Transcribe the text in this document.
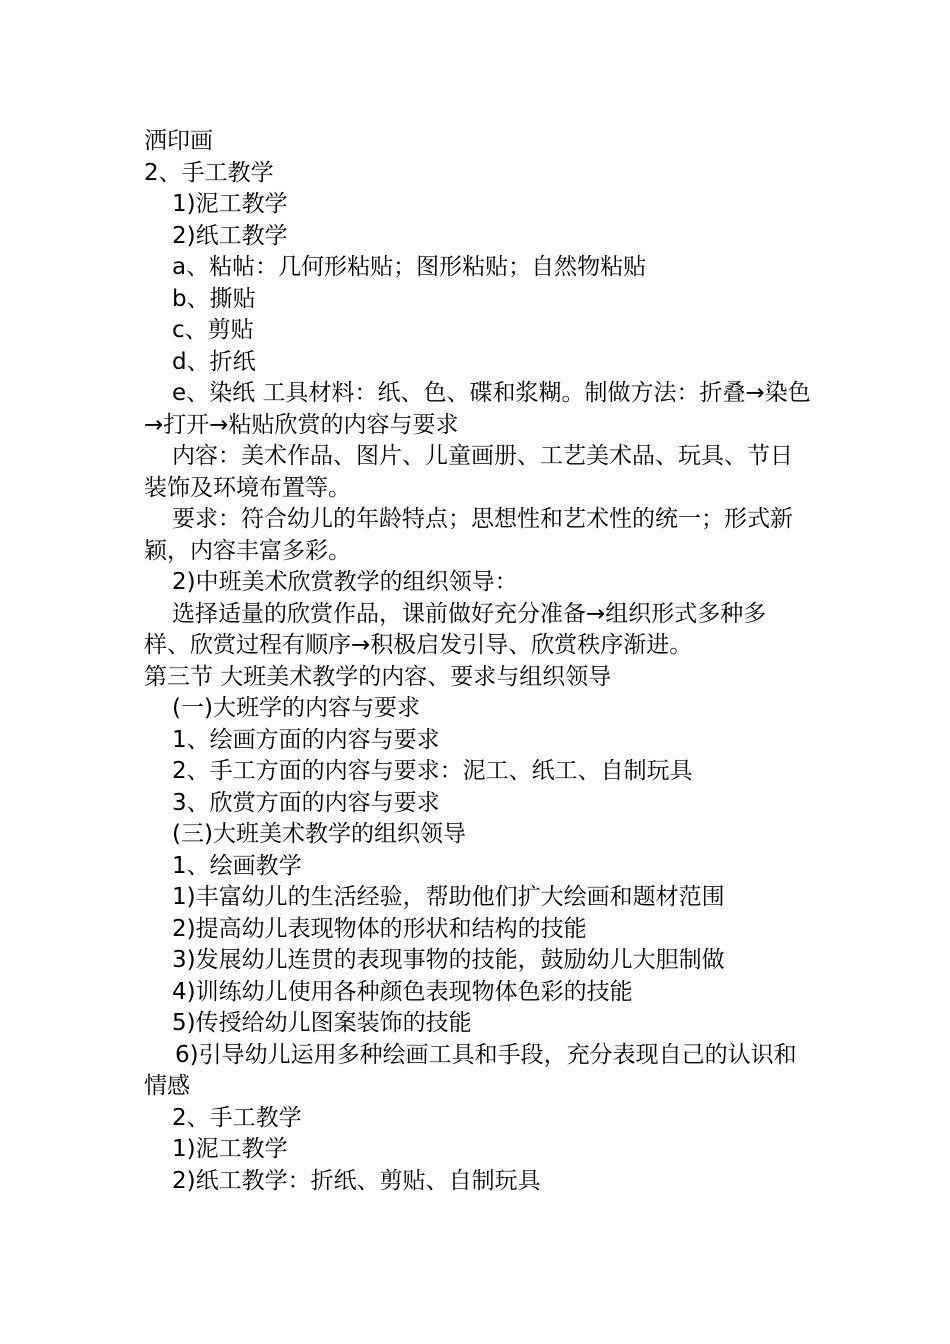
洒印画

2、手工教学

1)泥工教学

2)纸工教学

a、粘帖：几何形粘贴；图形粘贴；自然物粘贴

b、撕贴

c、剪贴

d、折纸

e、染纸 工具材料：纸、色、碟和浆糊。制做方法：折叠→染色→打开→粘贴欣赏的内容与要求

内容：美术作品、图片、儿童画册、工艺美术品、玩具、节日装饰及环境布置等。

要求：符合幼儿的年龄特点；思想性和艺术性的统一；形式新颖，内容丰富多彩。

2)中班美术欣赏教学的组织领导：

选择适量的欣赏作品，课前做好充分准备→组织形式多种多样、欣赏过程有顺序→积极启发引导、欣赏秩序渐进。

第三节 大班美术教学的内容、要求与组织领导

(一)大班学的内容与要求

1、绘画方面的内容与要求

2、手工方面的内容与要求：泥工、纸工、自制玩具

3、欣赏方面的内容与要求

(三)大班美术教学的组织领导

1、绘画教学

1)丰富幼儿的生活经验，帮助他们扩大绘画和题材范围

2)提高幼儿表现物体的形状和结构的技能

3)发展幼儿连贯的表现事物的技能，鼓励幼儿大胆制做

4)训练幼儿使用各种颜色表现物体色彩的技能

5)传授给幼儿图案装饰的技能

6)引导幼儿运用多种绘画工具和手段，充分表现自己的认识和情感

2、手工教学

1)泥工教学

2)纸工教学：折纸、剪贴、自制玩具
